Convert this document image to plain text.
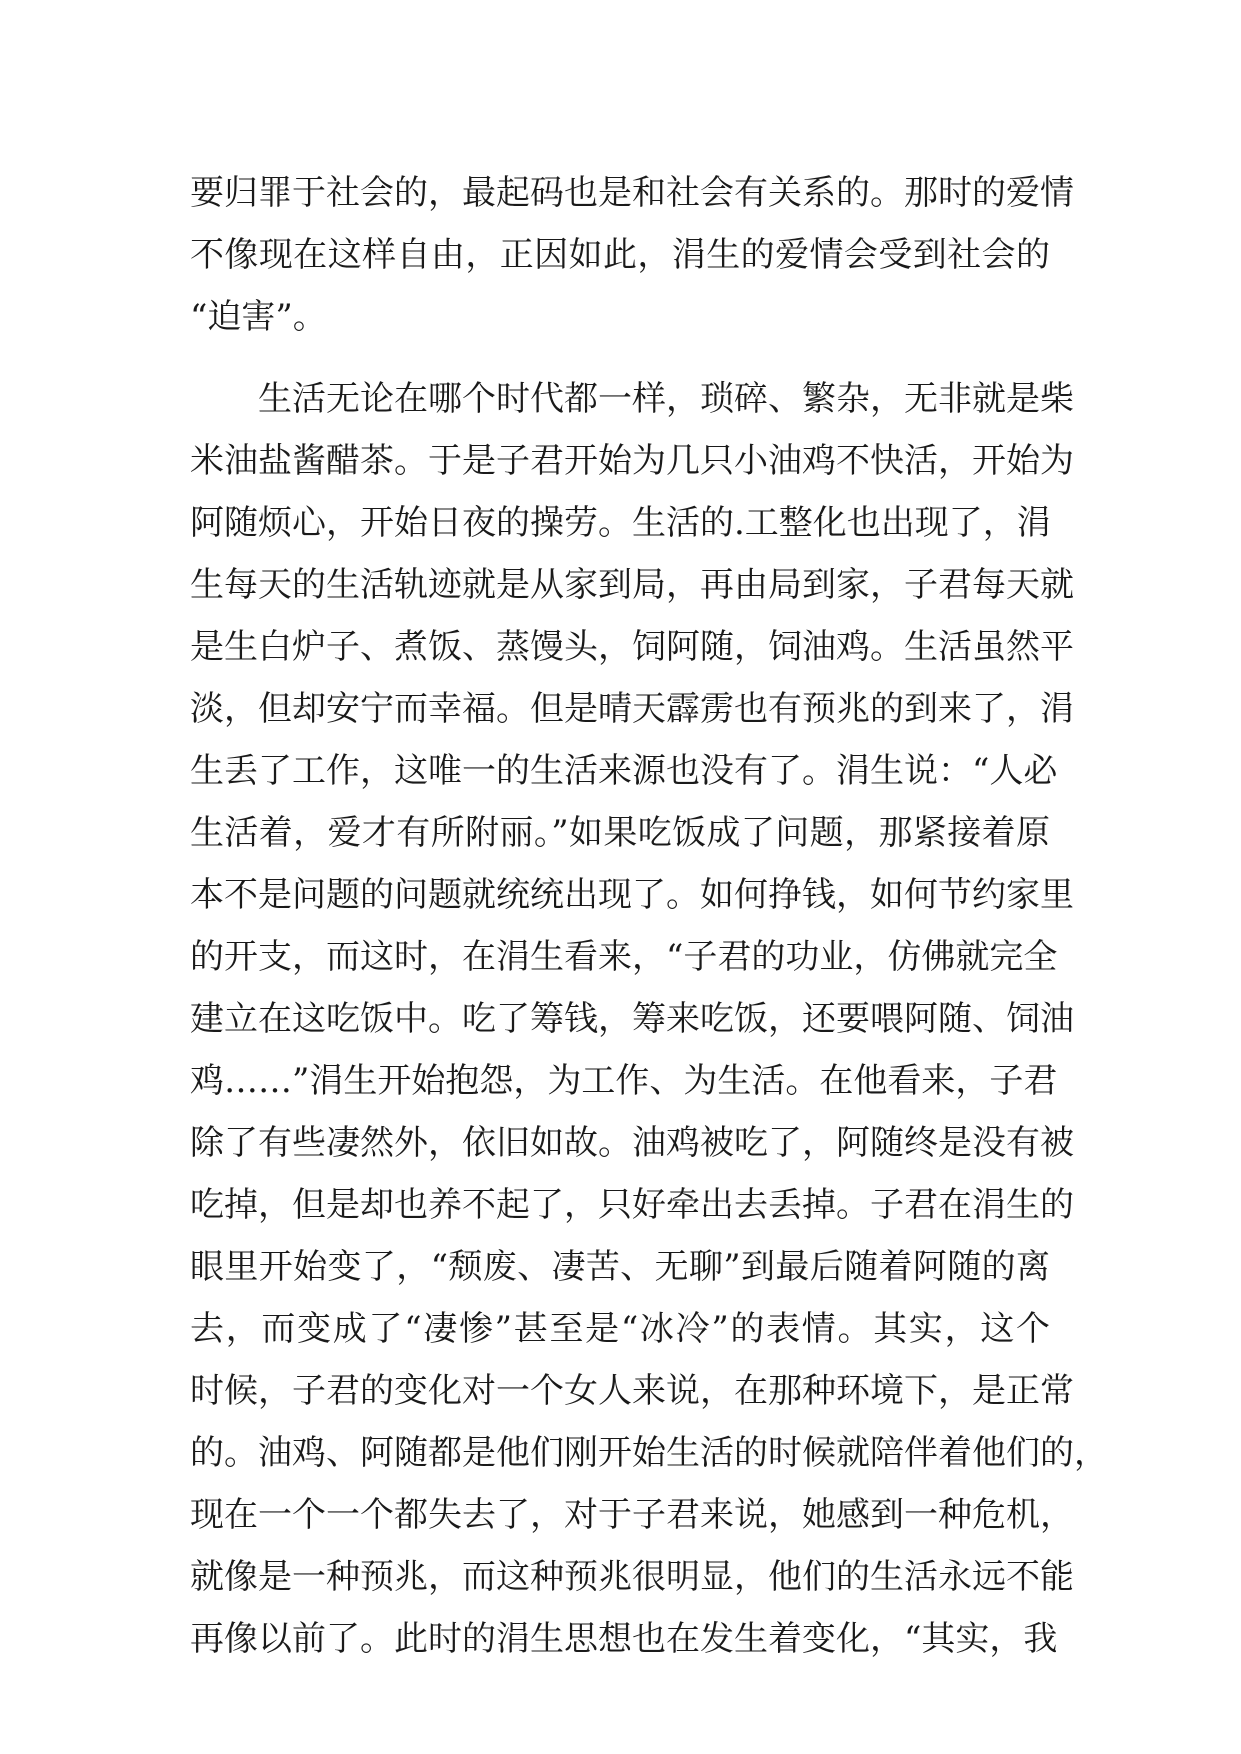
要归罪于社会的，最起码也是和社会有关系的。那时的爱情
不像现在这样自由，正因如此，涓生的爱情会受到社会的
“迫害”。
生活无论在哪个时代都一样，琐碎、繁杂，无非就是柴
米油盐酱醋茶。于是子君开始为几只小油鸡不快活，开始为
阿随烦心，开始日夜的操劳。生活的.工整化也出现了，涓
生每天的生活轨迹就是从家到局，再由局到家，子君每天就
是生白炉子、煮饭、蒸馒头，饲阿随，饲油鸡。生活虽然平
淡，但却安宁而幸福。但是晴天霹雳也有预兆的到来了，涓
生丢了工作，这唯一的生活来源也没有了。涓生说：“人必
生活着，爱才有所附丽。”如果吃饭成了问题，那紧接着原
本不是问题的问题就统统出现了。如何挣钱，如何节约家里
的开支，而这时，在涓生看来，“子君的功业，仿佛就完全
建立在这吃饭中。吃了筹钱，筹来吃饭，还要喂阿随、饲油
鸡……”涓生开始抱怨，为工作、为生活。在他看来，子君
除了有些凄然外，依旧如故。油鸡被吃了，阿随终是没有被
吃掉，但是却也养不起了，只好牵出去丢掉。子君在涓生的
眼里开始变了，“颓废、凄苦、无聊”到最后随着阿随的离
去，而变成了“凄惨”甚至是“冰冷”的表情。其实，这个
时候，子君的变化对一个女人来说，在那种环境下，是正常
的。油鸡、阿随都是他们刚开始生活的时候就陪伴着他们的，
现在一个一个都失去了，对于子君来说，她感到一种危机，
就像是一种预兆，而这种预兆很明显，他们的生活永远不能
再像以前了。此时的涓生思想也在发生着变化，“其实，我
